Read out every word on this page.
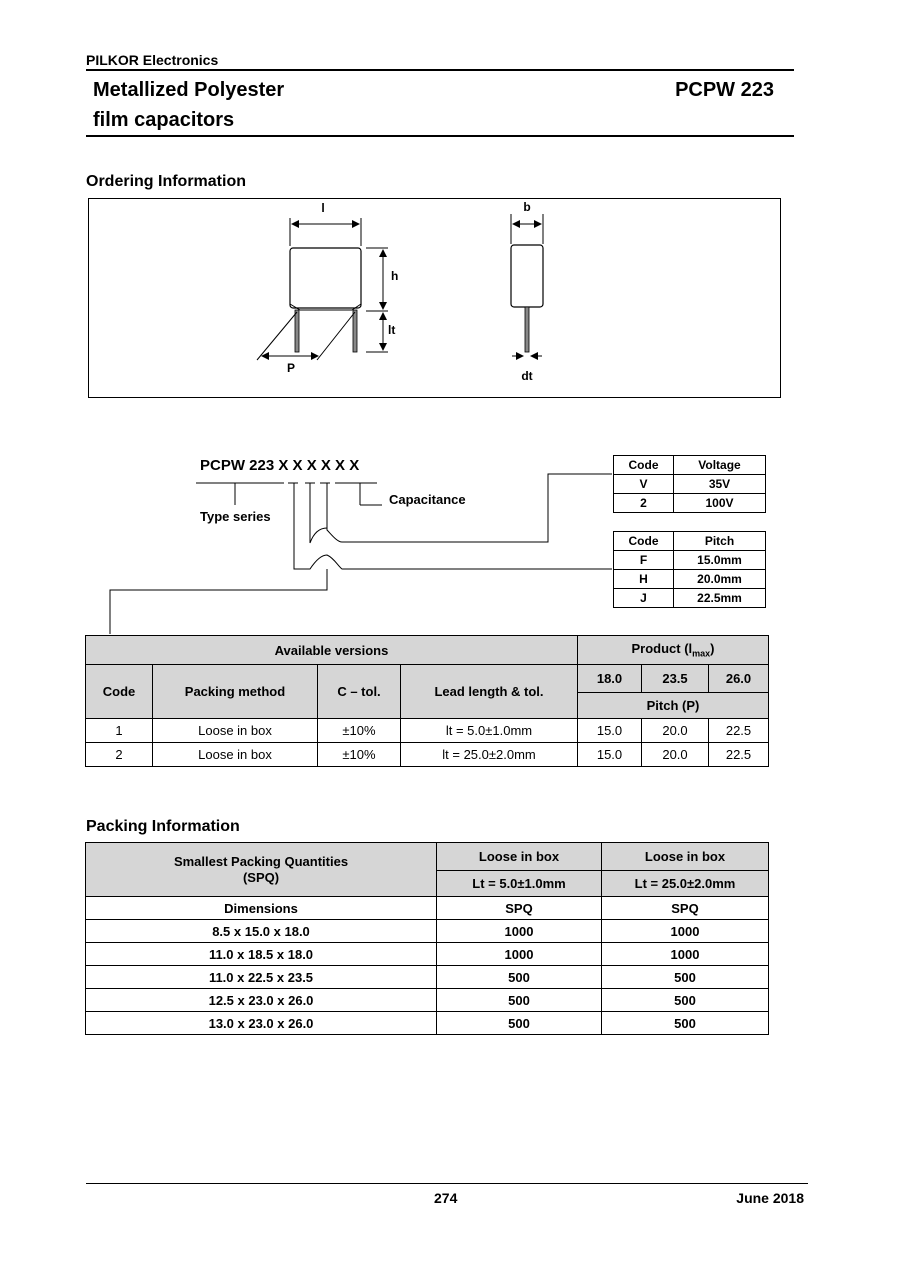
PILKOR Electronics
Metallized Polyester
film capacitors
PCPW 223
Ordering Information
l
h
lt
P
b
dt
PCPW 223 X X X X X X
Type series
Capacitance
Code	Voltage
V	35V
2	100V
Code	Pitch
F	15.0mm
H	20.0mm
J	22.5mm
Available versions				Product $(l_{max})$		
Code	Packing method	C – tol.	Lead length & tol.	18.0	23.5	26.0
				Pitch (P)		
1	Loose in box	±10%	lt = 5.0±1.0mm	15.0	20.0	22.5
2	Loose in box	±10%	lt = 25.0±2.0mm	15.0	20.0	22.5
Packing Information
Smallest Packing Quantities
(SPQ)	Loose in box	Loose in box
	Lt = 5.0±1.0mm	Lt = 25.0±2.0mm
Dimensions	SPQ	SPQ
8.5 x 15.0 x 18.0	1000	1000
11.0 x 18.5 x 18.0	1000	1000
11.0 x 22.5 x 23.5	500	500
12.5 x 23.0 x 26.0	500	500
13.0 x 23.0 x 26.0	500	500
274	June 2018
